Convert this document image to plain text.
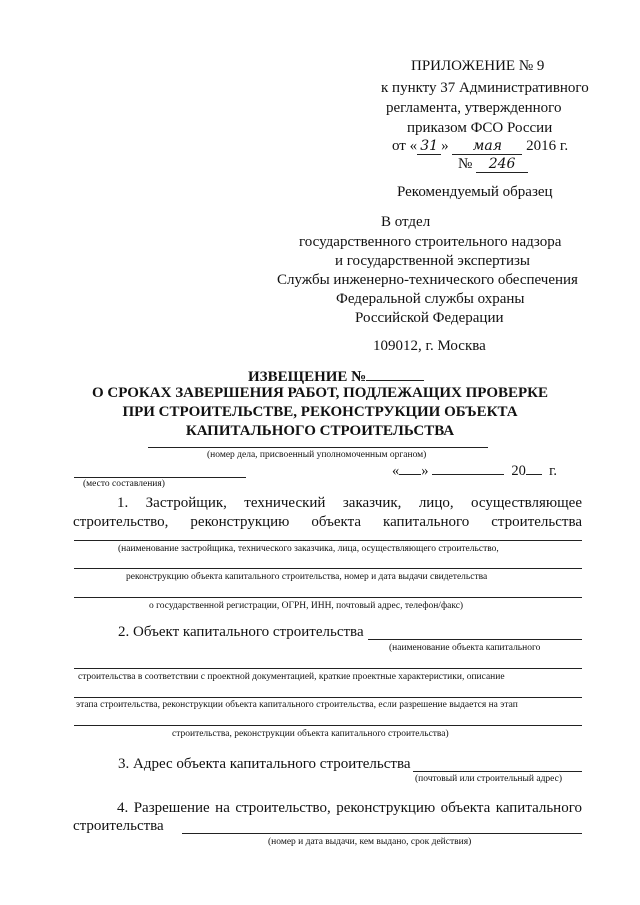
ПРИЛОЖЕНИЕ № 9
к пункту 37 Административного
регламента, утвержденного
приказом ФСО России
от « 31 » мая 2016 г.
№ 246
Рекомендуемый образец
В отдел
государственного строительного надзора
и государственной экспертизы
Службы инженерно-технического обеспечения
Федеральной службы охраны
Российской Федерации
109012, г. Москва
ИЗВЕЩЕНИЕ №
О СРОКАХ ЗАВЕРШЕНИЯ РАБОТ, ПОДЛЕЖАЩИХ ПРОВЕРКЕ
ПРИ СТРОИТЕЛЬСТВЕ, РЕКОНСТРУКЦИИ ОБЪЕКТА
КАПИТАЛЬНОГО СТРОИТЕЛЬСТВА
(номер дела, присвоенный уполномоченным органом)
« »	20 г.
(место составления)
1. Застройщик, технический заказчик, лицо, осуществляющее
строительство, реконструкцию объекта капитального строительства
(наименование застройщика, технического заказчика, лица, осуществляющего строительство,
реконструкцию объекта капитального строительства, номер и дата выдачи свидетельства
о государственной регистрации, ОГРН, ИНН, почтовый адрес, телефон/факс)
2. Объект капитального строительства
(наименование объекта капитального
строительства в соответствии с проектной документацией, краткие проектные характеристики, описание
этапа строительства, реконструкции объекта капитального строительства, если разрешение выдается на этап
строительства, реконструкции объекта капитального строительства)
3. Адрес объекта капитального строительства
(почтовый или строительный адрес)
4. Разрешение на строительство, реконструкцию объекта капитального
строительства
(номер и дата выдачи, кем выдано, срок действия)
